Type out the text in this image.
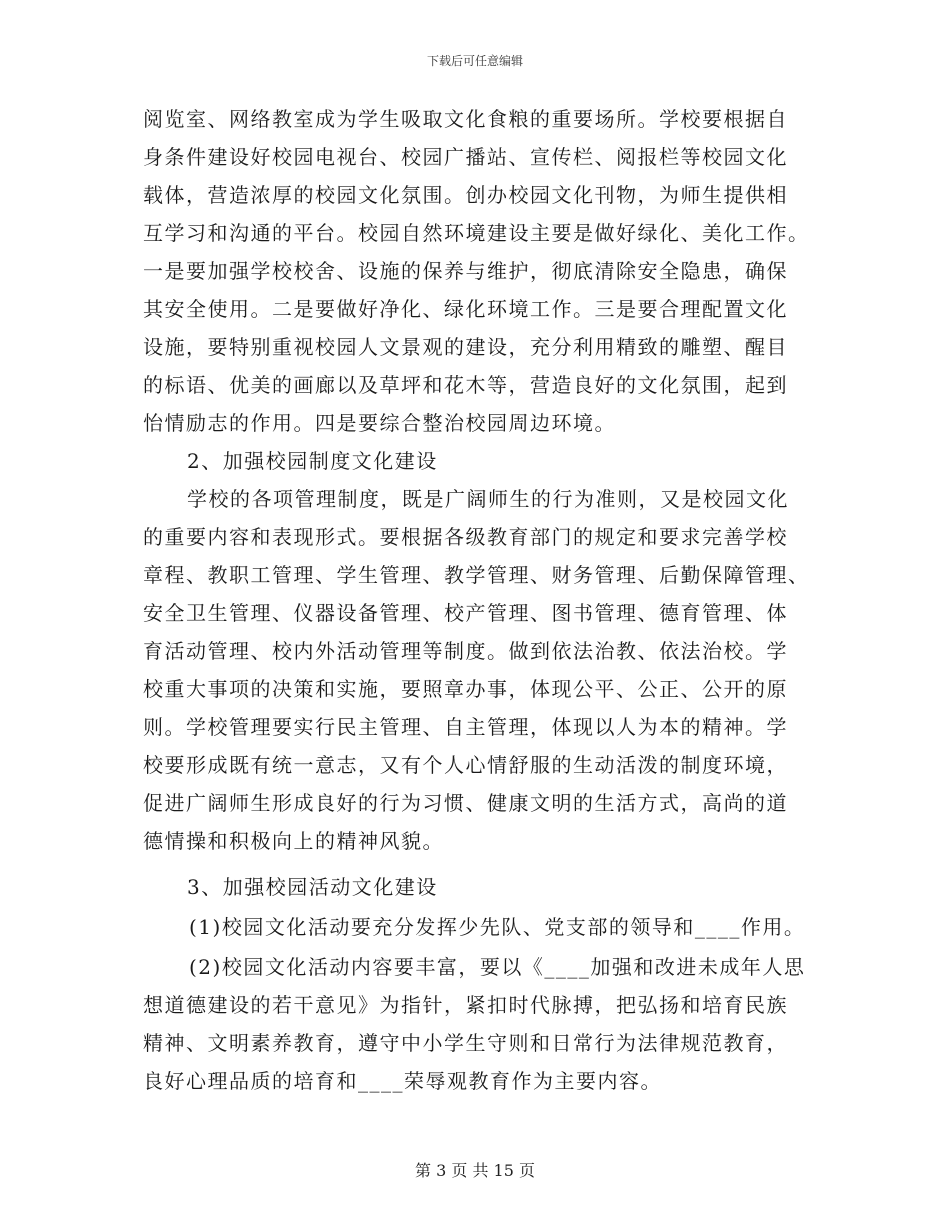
下载后可任意编辑

阅览室、网络教室成为学生吸取文化食粮的重要场所。学校要根据自
身条件建设好校园电视台、校园广播站、宣传栏、阅报栏等校园文化
载体，营造浓厚的校园文化氛围。创办校园文化刊物，为师生提供相
互学习和沟通的平台。校园自然环境建设主要是做好绿化、美化工作。
一是要加强学校校舍、设施的保养与维护，彻底清除安全隐患，确保
其安全使用。二是要做好净化、绿化环境工作。三是要合理配置文化
设施，要特别重视校园人文景观的建设，充分利用精致的雕塑、醒目
的标语、优美的画廊以及草坪和花木等，营造良好的文化氛围，起到
怡情励志的作用。四是要综合整治校园周边环境。

2、加强校园制度文化建设

学校的各项管理制度，既是广阔师生的行为准则，又是校园文化
的重要内容和表现形式。要根据各级教育部门的规定和要求完善学校
章程、教职工管理、学生管理、教学管理、财务管理、后勤保障管理、
安全卫生管理、仪器设备管理、校产管理、图书管理、德育管理、体
育活动管理、校内外活动管理等制度。做到依法治教、依法治校。学
校重大事项的决策和实施，要照章办事，体现公平、公正、公开的原
则。学校管理要实行民主管理、自主管理，体现以人为本的精神。学
校要形成既有统一意志，又有个人心情舒服的生动活泼的制度环境，
促进广阔师生形成良好的行为习惯、健康文明的生活方式，高尚的道
德情操和积极向上的精神风貌。

3、加强校园活动文化建设

(1)校园文化活动要充分发挥少先队、党支部的领导和____作用。

(2)校园文化活动内容要丰富，要以《____加强和改进未成年人思
想道德建设的若干意见》为指针，紧扣时代脉搏，把弘扬和培育民族
精神、文明素养教育，遵守中小学生守则和日常行为法律规范教育，
良好心理品质的培育和____荣辱观教育作为主要内容。

第 3 页 共 15 页
